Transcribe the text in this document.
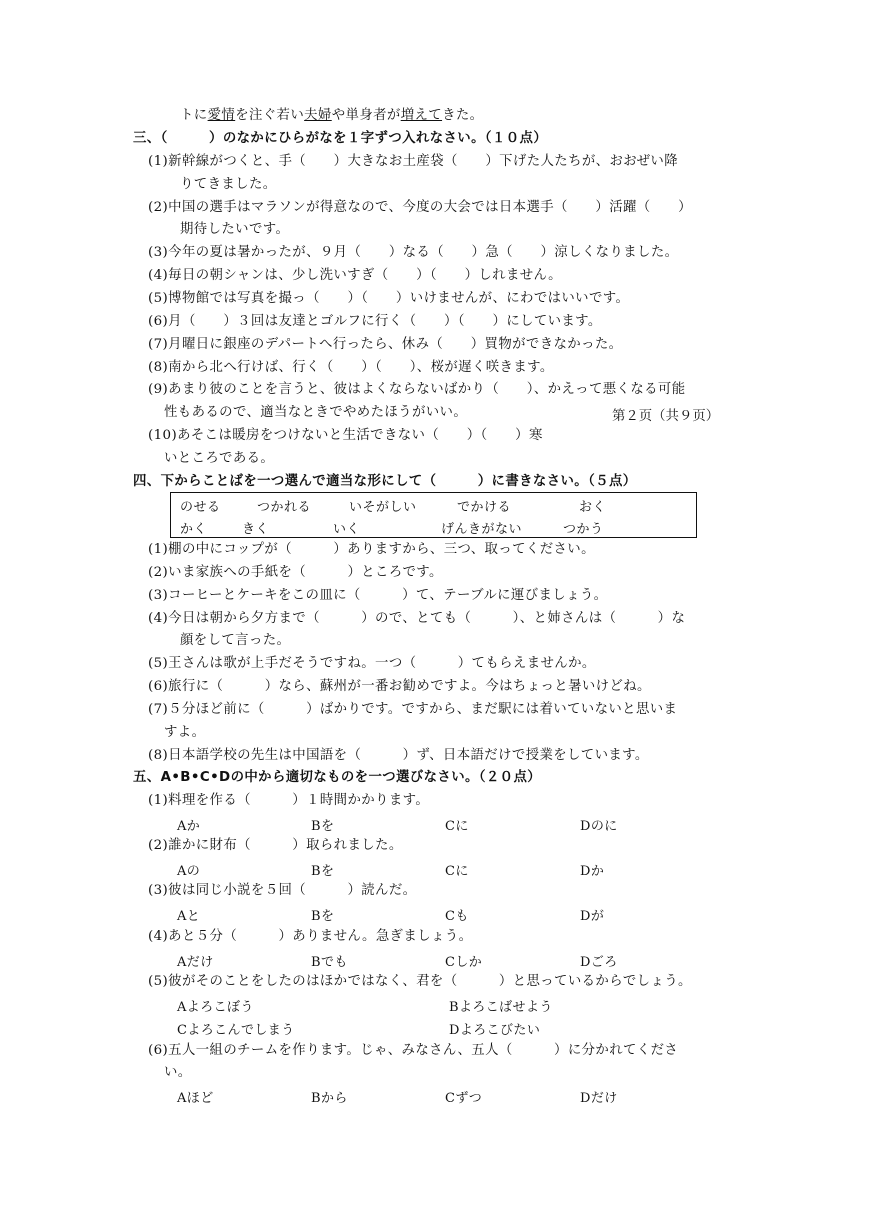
トに愛情を注ぐ若い夫婦や単身者が増えてきた。
三、（　　　）のなかにひらがなを１字ずつ入れなさい。（１０点）
(1)新幹線がつくと、手（　　）大きなお土産袋（　　）下げた人たちが、おおぜい降
りてきました。
(2)中国の選手はマラソンが得意なので、今度の大会では日本選手（　　）活躍（　　）
期待したいです。
(3)今年の夏は暑かったが、９月（　　）なる（　　）急（　　）涼しくなりました。
(4)毎日の朝シャンは、少し洗いすぎ（　　）（　　）しれません。
(5)博物館では写真を撮っ（　　）（　　）いけませんが、にわではいいです。
(6)月（　　）３回は友達とゴルフに行く（　　）（　　）にしています。
(7)月曜日に銀座のデパートへ行ったら、休み（　　）買物ができなかった。
(8)南から北へ行けば、行く（　　）（　　）、桜が遅く咲きます。
(9)あまり彼のことを言うと、彼はよくならないばかり（　　）、かえって悪くなる可能
性もあるので、適当なときでやめたほうがいい。	第２页（共９页）
(10)あそこは暖房をつけないと生活できない（　　）（　　）寒
いところである。
四、下からことばを一つ選んで適当な形にして（　　　）に書きなさい。（５点）
のせる	つかれる	いそがしい	でかける	おく
かく	きく	いく	げんきがない	つかう
(1)棚の中にコップが（　　　）ありますから、三つ、取ってください。
(2)いま家族への手紙を（　　　）ところです。
(3)コーヒーとケーキをこの皿に（　　　）て、テーブルに運びましょう。
(4)今日は朝から夕方まで（　　　）ので、とても（　　　）、と姉さんは（　　　）な
顔をして言った。
(5)王さんは歌が上手だそうですね。一つ（　　　）てもらえませんか。
(6)旅行に（　　　）なら、蘇州が一番お勧めですよ。今はちょっと暑いけどね。
(7)５分ほど前に（　　　）ばかりです。ですから、まだ駅には着いていないと思いま
すよ。
(8)日本語学校の先生は中国語を（　　　）ず、日本語だけで授業をしています。
五、A•B•C•Dの中から適切なものを一つ選びなさい。（２０点）
(1)料理を作る（　　　）１時間かかります。
Aか	Bを	Cに	Dのに
(2)誰かに財布（　　　）取られました。
Aの	Bを	Cに	Dか
(3)彼は同じ小説を５回（　　　）読んだ。
Aと	Bを	Cも	Dが
(4)あと５分（　　　）ありません。急ぎましょう。
Aだけ	Bでも	Cしか	Dごろ
(5)彼がそのことをしたのはほかではなく、君を（　　　）と思っているからでしょう。
Aよろこぼう	Bよろこばせよう
Cよろこんでしまう	Dよろこびたい
(6)五人一組のチームを作ります。じゃ、みなさん、五人（　　　）に分かれてくださ
い。
Aほど	Bから	Cずつ	Dだけ
